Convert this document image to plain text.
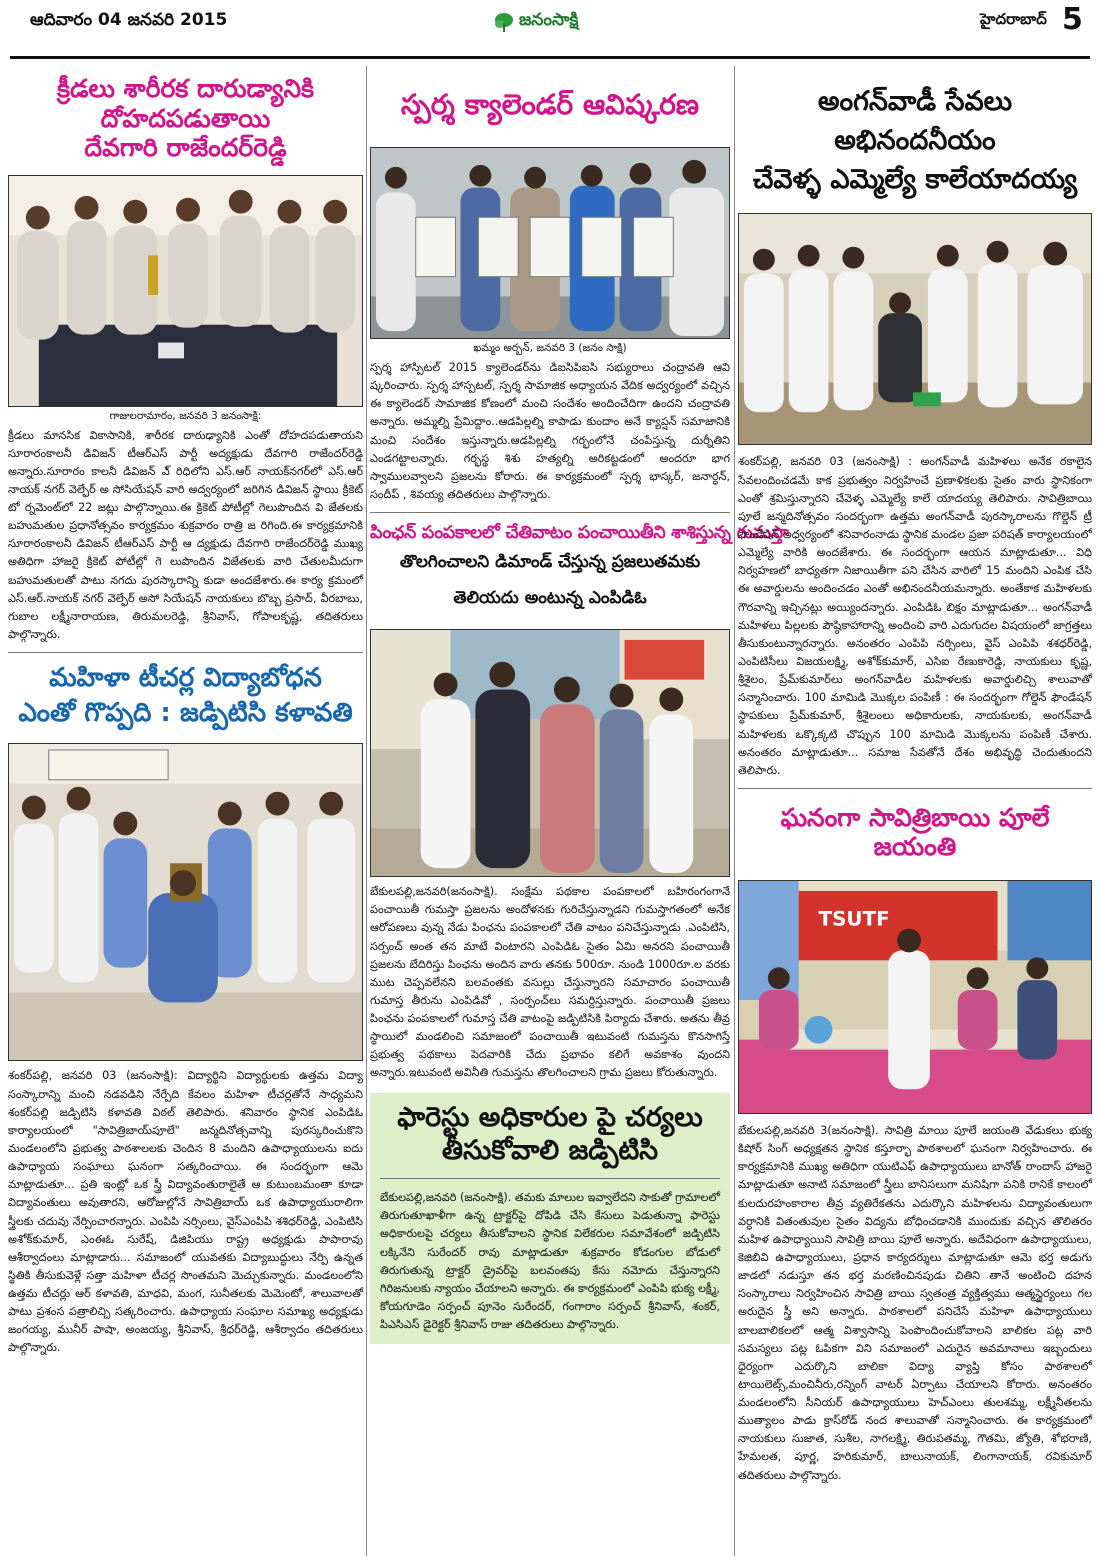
ఆదివారం 04 జనవరి 2015	జనంసాక్షి	హైదరాబాద్ 5
క్రీడలు శారీరక దారుడ్యానికి దోహదపడుతాయి
దేవగారి రాజేందర్‌రెడ్డి
గాజులరామారం, జనవరి 3 జనంసాక్షి:

క్రీడలు మానసిక వికాసానికి, శారీరక దారుఢ్యానికి ఎంతో దోహదపడుతాయని సూరారంకాలనీ డివిజన్ టీఆర్ఎస్ పార్టీ అద్యక్షుడు దేవగారి రాజేందర్‌రెడ్డి అన్నారు.సూరారం కాలనీ డివిజన్ ఎ్ రిధిలోని ఎస్.ఆర్ నాయక్‌నగర్‌లో ఎస్.ఆర్ నాయక్ నగర్ వెల్ఫేర్ అ సోసియేషన్ వారి అద్వర్యంలో జరిగిన డివిజన్ స్థాయి క్రికెట్ టో ర్నమెంట్‌లో 22 జట్లు పాల్గొన్నాయి.ఈ క్రికెట్ పోటీల్లో గెలుపొందిన వి జేతలకు బహుమతుల ప్రధానోత్సవం కార్యక్రమం శుక్రవారం రాత్రి జ రిగింది.ఈ కార్యక్రమానికి సూరారంకాలనీ డివిజన్ టీఆర్ఎస్ పార్టీ ఆ ద్యక్షుడు దేవగారి రాజేందర్‌రెడ్డి ముఖ్య అతిధిగా హాజరై క్రికెట్ పోటీల్లో గె లుపొందిన విజేతలకు వారి చేతులమీదుగా బహుమతులతో పాటు నగదు పురస్కారాన్ని కుడా అందజేశారు.ఈ కార్య క్రమంలో ఎస్.ఆర్.నాయక్ నగర్ వెల్ఫేర్ అసో సియేషన్ నాయకులు బొబ్బ ప్రసాద్, వీరబాబు, గుబాల లక్ష్మీనారాయణ, తిరుమలరెడ్డి, శ్రీనివాస్, గోపాలకృష్ణ, తదితరులు పాల్గొన్నారు.

మహిళా టీచర్ల విద్యాబోధన
ఎంతో గొప్పది : జడ్పిటిసి కళావతి

శంకర్‌పల్లి, జనవరి 03 (జనంసాక్షి): విద్యార్థిని విద్యార్థులకు ఉత్తమ విద్యా సంస్కారాన్ని మంచి నడవడిని నేర్పేది కేవలం మహిళా టీచర్లతోనే సాధ్యమని శంకర్‌పల్లి జడ్పిటిసి కళావతి విఠల్ తెలిపారు. శనివారం స్థానిక ఎంపిడిఓ కార్యాలయంలో "సావిత్రిబాయ్‌పూలే" జన్మదినోత్సవాన్ని పురస్కరించుకొని మండలంలోని ప్రభుత్వ పాఠశాలలకు చెందిన 8 మందిని ఉపాధ్యాయులను ఐదు ఉపాధ్యాయ సంఘాలు ఘనంగా సత్కరించాయి. ఈ సందర్భంగా ఆమె మాట్లాడుతూ... ప్రతి ఇంట్లో ఒక స్త్రీ విద్యావంతురాలైతే ఆ కుటుంబమంతా కూడా విద్యావంతులు అవుతారని, ఆరోజుల్లోనే సావిత్రిబాయ్ ఒక ఉపాధ్యాయురాలిగా స్త్రీలకు చదువు నేర్పించారన్నారు. ఎంపిపి నర్సింలు, వైస్‌ఎంపిపి శశిధర్‌రెడ్డి, ఎంపిటిసి అశోక్‌కుమార్, ఎంఈఓ సురేష్, డిజిపియు రాష్ట్ర అధ్యక్షుడు పాపారావు ఆశీర్వాదంలు మాట్లాడారు... సమాజంలో యువతకు విద్యాబుద్ధులు నేర్పి ఉన్నత స్థితికి తీసుకువెళ్లే సత్తా మహిళా టీచర్ల సొంతమని మెచ్చుకున్నారు. మండలంలోని ఉత్తమ టీచర్లు ఆర్ కళావతి, మాధవి, మంగ, సునీతలకు మెమెంటో, శాలువాలతో పాటు ప్రశంస పత్రాలిచ్చి సత్కరించారు. ఉపాధ్యాయ సంఘాల సమాఖ్య అధ్యక్షుడు జంగయ్య, మునీర్ పాషా, అంజయ్య, శ్రీనివాస్, శ్రీధర్‌రెడ్డి, ఆశీర్వాదం తదితరులు పాల్గొన్నారు.

స్పర్శ క్యాలెండర్ ఆవిష్కరణ
ఖమ్మం అర్బన్, జనవరి 3 (జనం సాక్షి)

స్పర్శ హాస్పిటల్ 2015 క్యాలెండర్‌ను డిఐసిపిఐసి సభ్యురాలు చంద్రావతి ఆవి ష్కరించారు. స్పర్శ హాస్పటల్, స్పర్శ సామాజిక అధ్యాయన వేదిక అద్వర్యంలో వచ్చిన ఈ క్యాలెండర్ సామాజిక కోణంలో మంచి సందేశం అందించేదిగా ఉందని చంద్రావతి అన్నారు. అమ్మల్ని ప్రేమిద్దాం..ఆడపిల్లల్ని కాపాడు కుందాం అనే క్యాప్షన్ సమాజానికి మంచి సందేశం ఇస్తున్నారు.ఆడపిల్లల్ని గర్భంలోనే చంపేస్తున్న దుర్నీతిని ఎండగట్టాలన్నారు. గర్భస్థ శిశు హత్యల్ని అరికట్టడంలో అందరూ భాగ స్వాములవ్వాలని ప్రజలను కోరారు. ఈ కార్యక్రమంలో స్పర్శ భాస్కర్, జనార్ధన్, సందీప్ , శివయ్య తదితరులు పాల్గొన్నారు.

పింఛన్ పంపకాలలో చేతివాటం పంచాయితీని శాశిస్తున్న గుమస్తా
తొలగించాలని డిమాండ్ చేస్తున్న ప్రజలుతమకు
తెలియదు అంటున్న ఎంపిడిఓ

బేకులపల్లి,జనవరి(జనంసాక్షి). సంక్షేమ పథకాల పంపకాలలో బహిరంగంగానే పంచాయితీ గుమస్తా ప్రజలను అందోళనకు గురిచేస్తున్నాడని గుమస్తాగతంలో అనేక ఆరోపణలు వున్న నేడు పింఛను పంపకాలలో చేతి వాటం పనిచేస్తున్నాడు .ఎంపిటిసి, సర్పంచ్ అంత తన మాటే వింటారని ఎంపిడిఓ సైతం ఏమి అనరని పంచాయితీ ప్రజలను బేదిరిస్తు పింఛను అందిన వారు తనకు 500రూ. నుండి 1000రూ.ల వరకు ముట చెప్పవలేనని బలవంతకు వసుల్లు చేస్తున్నారని సమాచారం పంచాయితీ గుమాస్త తీరును ఎంపిడివో , సంర్పంచ్‌లు సమర్దిస్తున్నారు. పంచాయితీ ప్రజలు పింఛను పంపకాలలో గుమాస్త చేతి వాటంపై జడ్పిటిసికి పిర్యాదు చేశారు. అతను తీవ్ర స్థాయిలో మండలించి సమాజంలో పంచాయితీ ఇటువంటి గుమస్తను కొనసాగిస్తే ప్రభుత్వ పథకాలు పెదవారికి చేదు ప్రభావం కలిగే అవకాశం వుందని అన్నారు.ఇటువంటి అవినీతి గుమస్తను తొలగించాలని గ్రామ ప్రజలు కోరుతున్నారు.

ఫారెస్టు అధికారుల పై చర్యలు
తీసుకోవాలి జడ్పిటిసి

బేకులపల్లి,జనవరి (జనంసాక్షి). తమకు మాలుల ఇవ్వాలేదని సాకుతో గ్రామాలలో తిరుగుతూఖాళీగా ఉన్న ట్రాక్టర్‌పై దోపిడి చేసి కేసులు పెడుతున్నా ఫారెస్టు అధికారులపై చర్యలు తీసుకోవాలని స్థానిక విలేకరుల సమావేశంలో జడ్పిటిసి లక్కినేని సురేందర్ రావు మాట్లాడుతూ శుక్రవారం కోడంగుల బోడులో తిరుగుతున్న ట్రాక్టర్ డ్రైవర్‌పై బలవంతపు కేసు నమోదు చేస్తున్నారని గిరిజనులకు న్యాయం చేయాలని అన్నారు. ఈ కార్యక్రమంలో ఎంపిపి భుక్య లక్ష్మీ, కోయగూడెం సర్పంచ్ పూనెం సురేందర్, గంగారాం సర్పంచ్ శ్రీనివాస్, శంకర్, పిఎసిఎస్ డైరెక్టర్ శ్రీనివాస్ రాజు తదితరులు పాల్గొన్నారు.

అంగన్‌వాడీ సేవలు అభినందనీయం
చేవెళ్ళ ఎమ్మెల్యే కాలేయాదయ్య

శంకర్‌పల్లి, జనవరి 03 (జనంసాక్షి) : అంగన్‌వాడీ మహిళలు అనేక రకాలైన సేవలందించడమే కాక ప్రభుత్వం నిర్వహించే ప్రణాళికలకు సైతం వారు స్థానికంగా ఎంతో శ్రమిస్తున్నారని చేవెళ్ళ ఎమ్మెల్యే కాలే యాదయ్య తెలిపారు. సావిత్రిబాయి పూలే జన్మదినోత్సవం సందర్భంగా ఉత్తమ అంగన్‌వాడీ పురస్కారాలను గొల్డెన్ ట్రీ ఫౌండేషన్ అధ్వర్యంలో శనివారంనాడు స్థానిక మండల ప్రజా పరిషత్ కార్యాలయంలో ఎమ్మెల్యే వారికి అందజేశారు. ఈ సందర్భంగా ఆయన మాట్లాడుతూ... విధి నిర్వహణలో బాధ్యతగా నిజాయితీగా పని చేసిన వారిలో 15 మందిని ఎంపిక చేసి ఈ అవార్డులను అందించడం ఎంతో అభినందనీయమన్నారు. అంతేకాక మహిళలకు గౌరవాన్ని ఇచ్చినట్లు అయ్యిందన్నారు. ఎంపిడిఓ బిక్షం మాట్లాడుతూ... అంగన్‌వాడీ మహిళలు పిల్లలకు పౌష్ఠికాహారాన్ని అందించి వారి ఎదుగుదల విషయంలో జాగ్రత్తలు తీసుకుంటున్నారన్నారు. అనంతరం ఎంపిపి నర్సింలు, వైస్ ఎంపిపి శశధర్‌రెడ్డి, ఎంపిటిసీలు విజయలక్ష్మి, అశోక్‌కుమార్, ఎసిఐ రేణుకారెడ్డి, నాయకులు కృష్ణ, శ్రీశైలం, ప్రేమ్‌కుమార్‌లు అంగన్‌వాడీల మహిళలకు అవార్డులిచ్చి శాలువాతో సన్మానించారు. 100 మామిడి మొక్కల పంపిణీ : ఈ సందర్భంగా గోల్డెన్ ఫౌండేషన్ స్థాపకులు ప్రేమ్‌కుమార్, శ్రీశైలంలు అధికారులకు, నాయకులకు, అంగన్‌వాడీ మహిళలకు ఒక్కొక్కటి చొప్పున 100 మామిడి మొక్కలను పంపిణీ చేశారు. అనంతరం మాట్లాడుతూ... సమాజ సేవతోనే దేశం అభివృద్ధి చెందుతుందని తెలిపారు.

ఘనంగా సావిత్రిబాయి పూలే జయంతి
TSUTF

బేకులపల్లి,జనవరి 3(జనంసాక్షి). సావిత్రి మాయి పూలే జయంతి వేడుకలు భుక్య కిషోర్ సింగ్ అధ్యక్షతన స్థానిక కస్తూర్భా పాఠశాలలో ఘనంగా నిర్వహించారు. ఈ కార్యక్రమానికి ముఖ్య అతిధిగా యుటిఎఫ్ ఉపాధ్యాయులు బానోత్ రాందాస్ హాజరై మాట్లాడుతూ అనాటి సమాజంలో స్త్రీలు బానిసలుగా మనిషిగా పనికి రానికే కాలంలో కులదురహంకారాల తీవ్ర వ్యతిరేకతను ఎదుర్కొని మహిళలను విద్యావంతులుగా వర్ధానికి వితంతువుల సైతం విద్యను బోధించడానికి ముందుకు వచ్చిన తొలితరం మహిళ ఉపాధ్యాయిని సావిత్రి బాయి పూలే అన్నారు. అదేవిధంగా ఉపాధ్యాయులు, కెజిబివి ఉపాధ్యాయులు, ప్రధాన కార్యదర్శులు మాట్లాడుతూ ఆమె భర్త అడుగు జాడలో నడుస్తూ తన భర్త మరణించినపుడు చితిని తానే అంటించి దహన సంస్కారాలు నిర్వహించిన సావిత్రి బాయి స్వతంత్ర వ్యక్తిత్వము ఆత్మస్థైర్యంలు గల అరుదైన స్త్రీ అని అన్నారు. పాఠశాలలో పనిచేసే మహిళా ఉపాధ్యాయులు బాలబాలికలలో ఆత్మ విశ్వాసాన్ని పెంపొందించుకోవాలని బాలికల పట్ల వారి సమస్యలు పట్ల ఓపికగా విని సమాజంలో ఎదురైన అవమానాలు ఇబ్బందులు ధైర్యంగా ఎదుర్కొని బాలికా విద్యా వ్యాప్తి కోసం పాఠశాలలో టాయిలెట్స్,మంచినీరు,రన్నింగ్ వాటర్ ఏర్పాటు చేయాలని కోరారు. అనంతరం మండలంలోని సీనియర్ ఉపాధ్యాయులు హెచ్ఎంలు తులశమ్మ, లక్ష్మీనీతలను ముత్యాలం పాడు క్రాస్‌రోడ్ నంద శాలువాతో సన్మానించారు. ఈ కార్యక్రమంలో నాయకులు సుజాత, సుశీల, నాగలక్ష్మి, తిరుపతమ్మ, గౌతమి, జ్యోతి, శోభరాణి, హేమలత, పూర్ణ, హరికుమార్, బాలునాయక్, లింగానాయక్, రవికుమార్ తదితరులు పాల్గొన్నారు.
